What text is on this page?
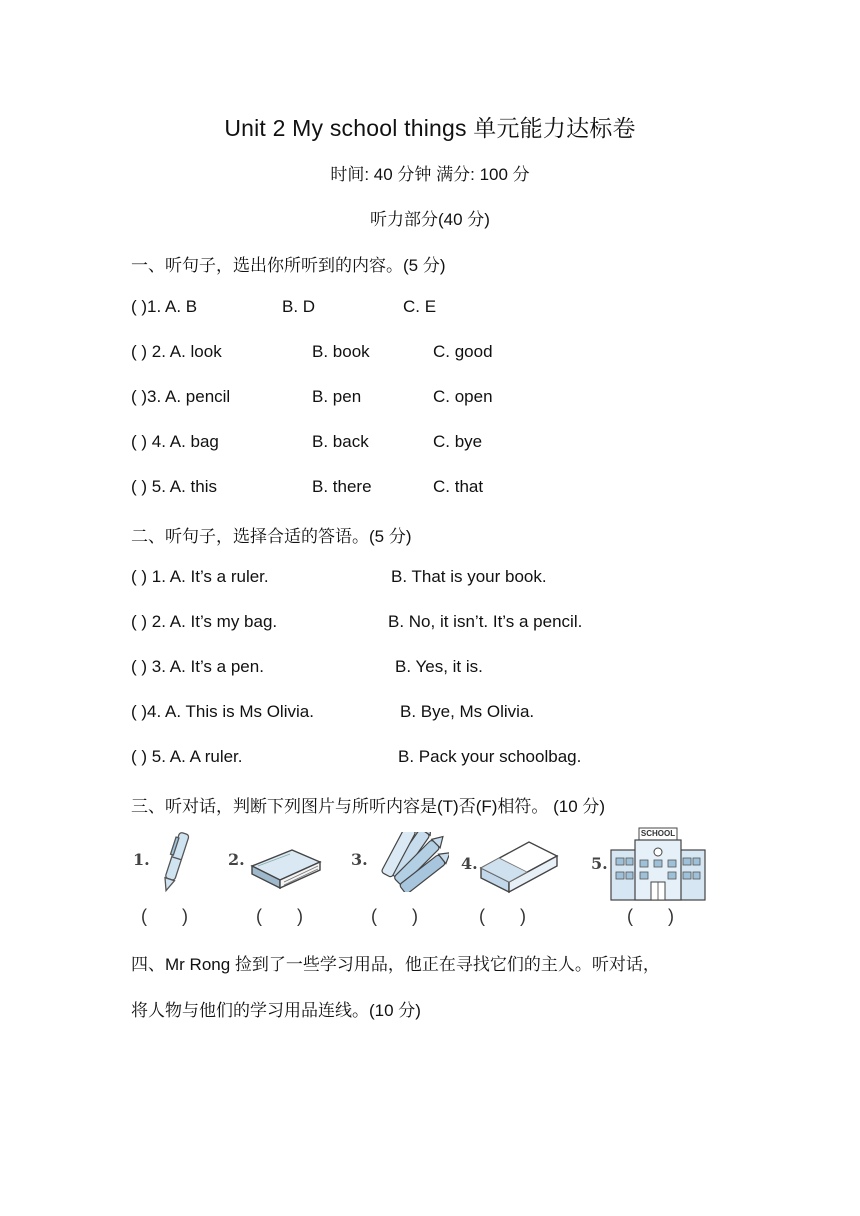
Unit 2 My school things 单元能力达标卷
时间: 40 分钟 满分: 100 分
听力部分(40 分)
一、听句子，选出你所听到的内容。(5 分)
( )1. A. B	B. D	C. E
( ) 2. A. look	B. book	C. good
( )3. A. pencil	B. pen	C. open
( ) 4. A. bag	B. back	C. bye
( ) 5. A. this	B. there	C. that
二、听句子，选择合适的答语。(5 分)
( ) 1. A. It’s a ruler.	B. That is your book.
( ) 2. A. It’s my bag.	B. No, it isn’t. It’s a pencil.
( ) 3. A. It’s a pen.	B. Yes, it is.
( )4. A. This is Ms Olivia.	B. Bye, Ms Olivia.
( ) 5. A. A ruler.	B. Pack your schoolbag.
三、听对话，判断下列图片与所听内容是(T)否(F)相符。 (10 分)
1.	2.	3.	4.	5.
SCHOOL
(       )	(       )	(       )	(       )	(       )
四、Mr Rong 捡到了一些学习用品，他正在寻找它们的主人。听对话，
将人物与他们的学习用品连线。(10 分)
